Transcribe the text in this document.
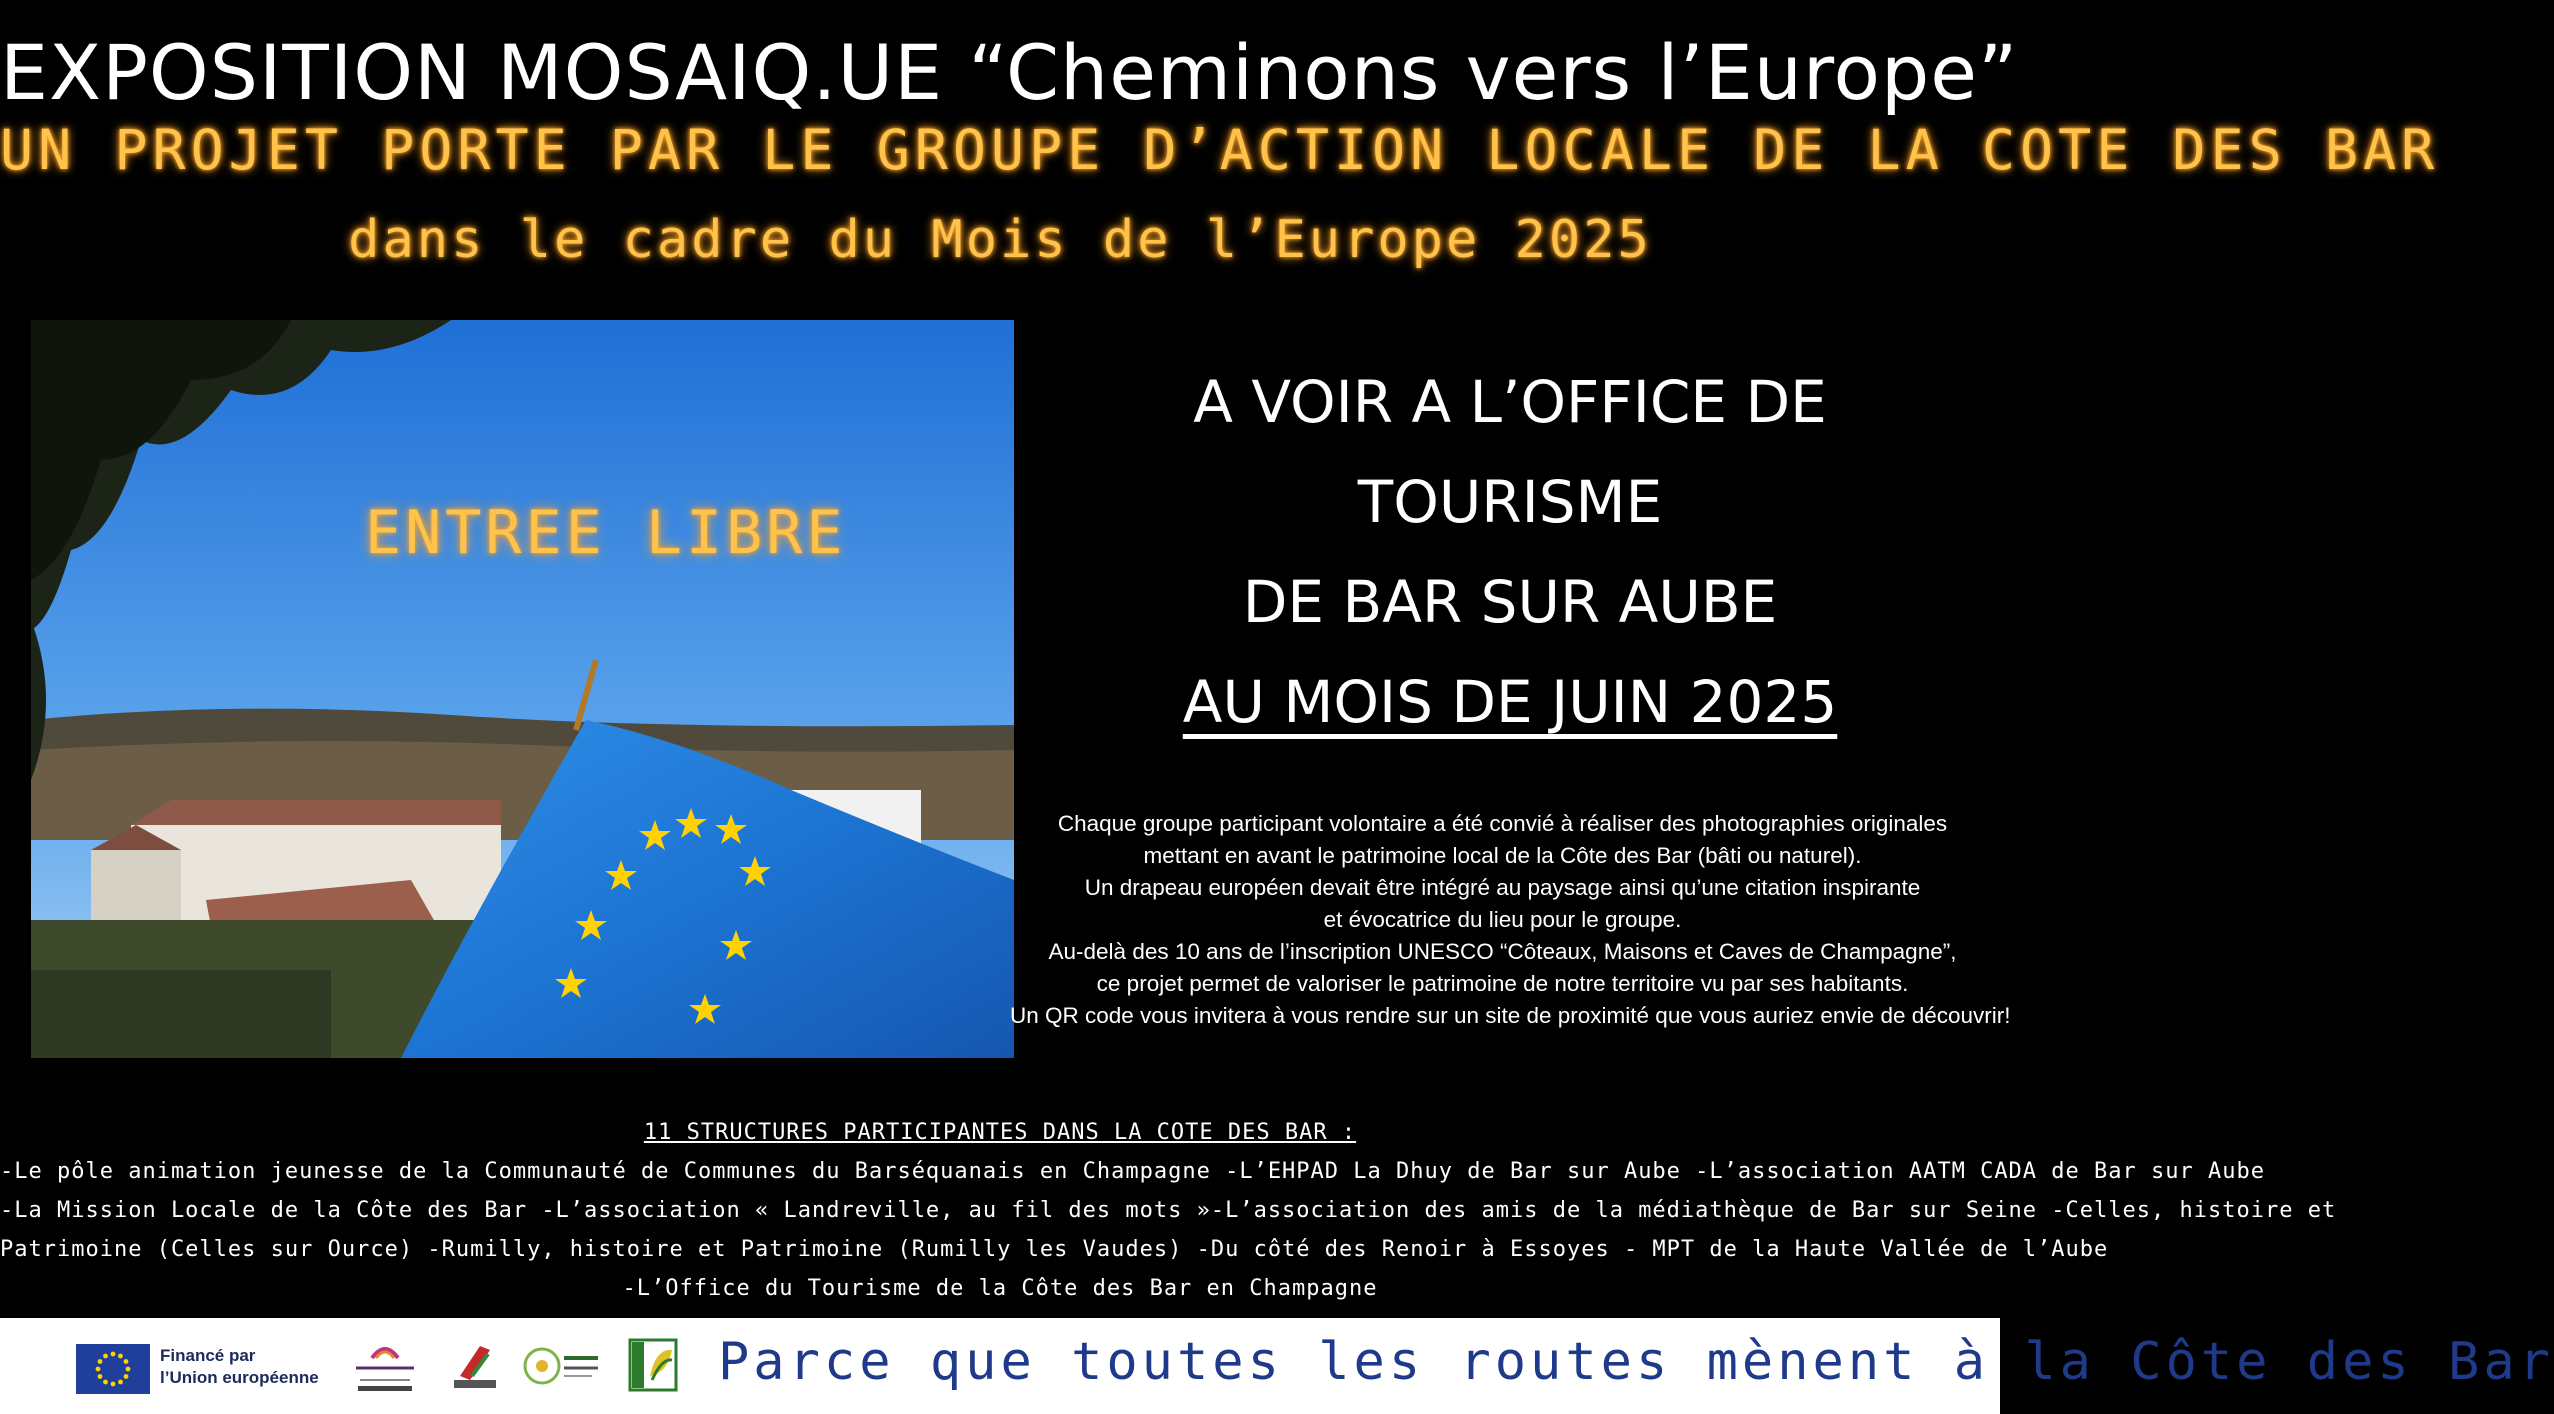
EXPOSITION MOSAIQ.UE “Cheminons vers l’Europe”
UN PROJET PORTE PAR LE GROUPE D’ACTION LOCALE DE LA COTE DES BAR
dans le cadre du Mois de l’Europe 2025
ENTREE LIBRE
A VOIR A L’OFFICE DE
TOURISME
DE BAR SUR AUBE
AU MOIS DE JUIN 2025
Chaque groupe participant volontaire a été convié à réaliser des photographies originales
mettant en avant le patrimoine local de la Côte des Bar (bâti ou naturel).
Un drapeau européen devait être intégré au paysage ainsi qu’une citation inspirante
et évocatrice du lieu pour le groupe.
Au-delà des 10 ans de l’inscription UNESCO “Côteaux, Maisons et Caves de Champagne”,
ce projet permet de valoriser le patrimoine de notre territoire vu par ses habitants.
Un QR code vous invitera à vous rendre sur un site de proximité que vous auriez envie de découvrir!
11 STRUCTURES PARTICIPANTES DANS LA COTE DES BAR :
-Le pôle animation jeunesse de la Communauté de Communes du Barséquanais en Champagne -L’EHPAD La Dhuy de Bar sur Aube -L’association AATM CADA de Bar sur Aube
-La Mission Locale de la Côte des Bar -L’association « Landreville, au fil des mots »-L’association des amis de la médiathèque de Bar sur Seine -Celles, histoire et
Patrimoine (Celles sur Ource) -Rumilly, histoire et Patrimoine (Rumilly les Vaudes) -Du côté des Renoir à Essoyes - MPT de la Haute Vallée de l’Aube
-L’Office du Tourisme de la Côte des Bar en Champagne
Financé par
l’Union européenne	Parce que toutes les routes mènent à la Côte des Bar
